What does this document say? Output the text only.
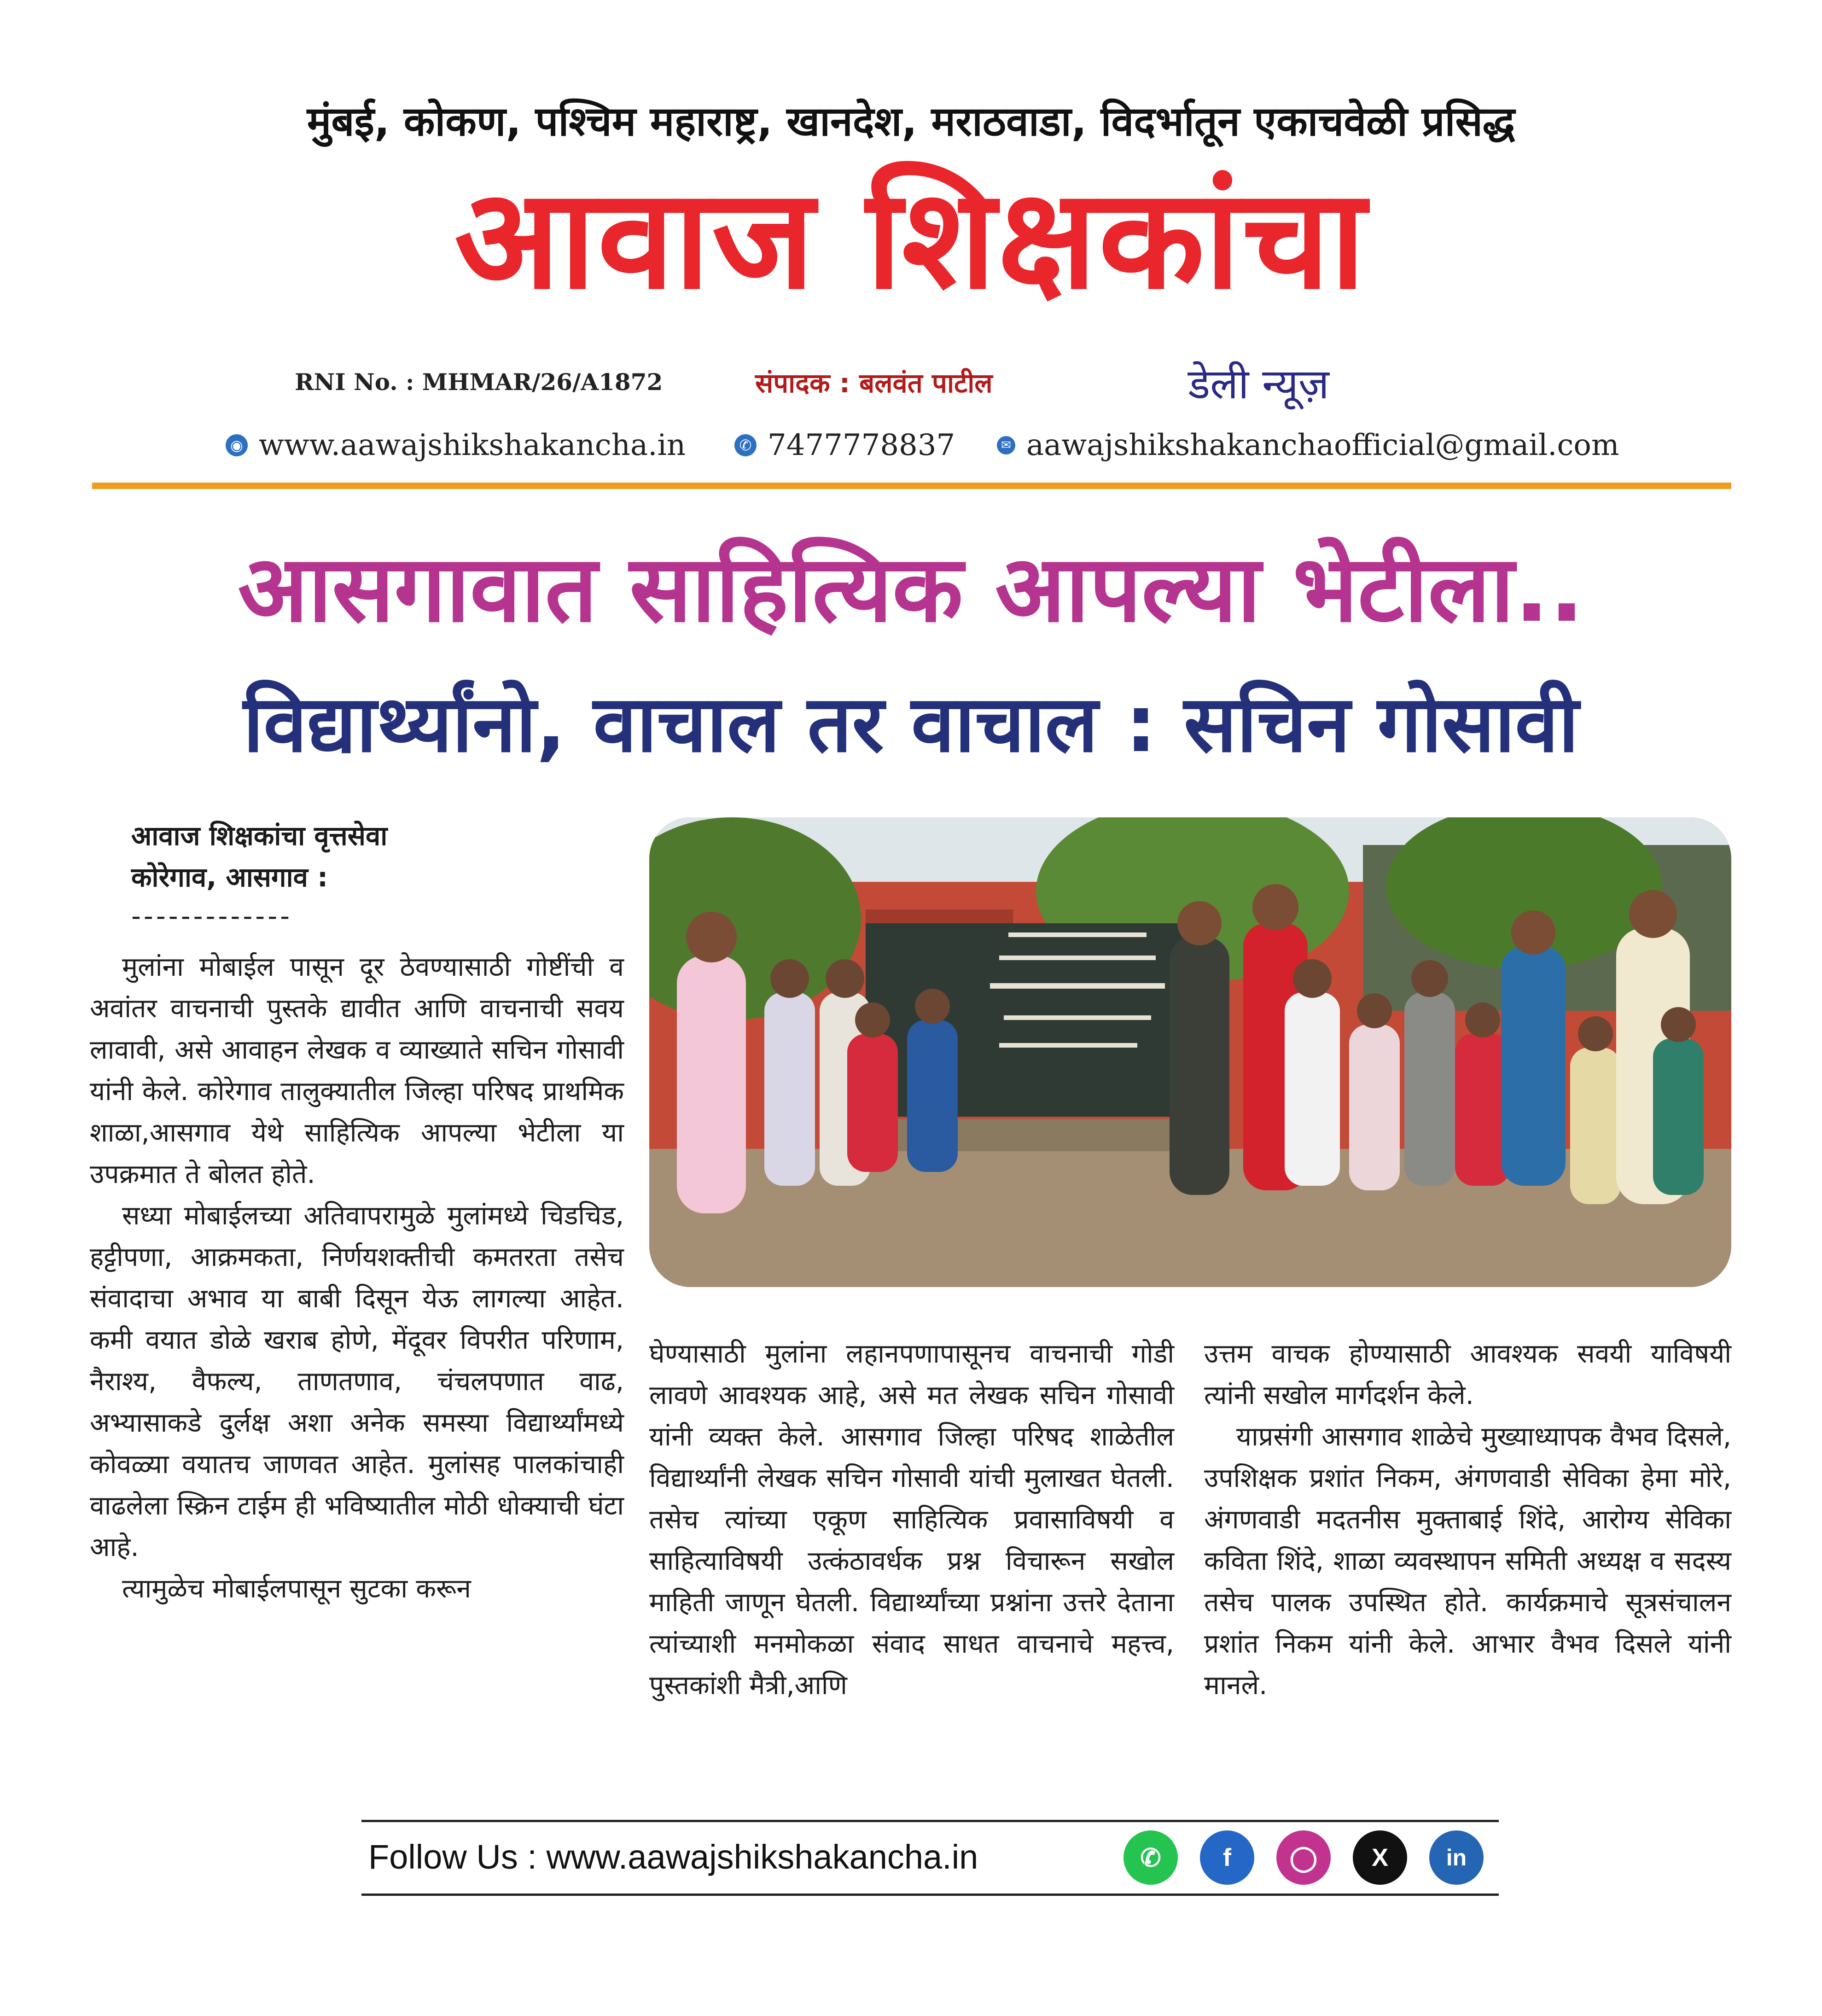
मुंबई, कोकण, पश्चिम महाराष्ट्र, खानदेश, मराठवाडा, विदर्भातून एकाचवेळी प्रसिद्ध
आवाज शिक्षकांचा
RNI No. : MHMAR/26/A1872	संपादक : बलवंत पाटील	डेली न्यूज़
◉ www.aawajshikshakancha.in	✆ 7477778837	✉ aawajshikshakanchaofficial@gmail.com
आसगावात साहित्यिक आपल्या भेटीला..
विद्यार्थ्यांनो, वाचाल तर वाचाल : सचिन गोसावी
आवाज शिक्षकांचा वृत्तसेवा
कोरेगाव, आसगाव :
-------------

मुलांना मोबाईल पासून दूर ठेवण्यासाठी गोष्टींची व अवांतर वाचनाची पुस्तके द्यावीत आणि वाचनाची सवय लावावी, असे आवाहन लेखक व व्याख्याते सचिन गोसावी यांनी केले. कोरेगाव तालुक्यातील जिल्हा परिषद प्राथमिक शाळा,आसगाव येथे साहित्यिक आपल्या भेटीला या उपक्रमात ते बोलत होते.

सध्या मोबाईलच्या अतिवापरामुळे मुलांमध्ये चिडचिड, हट्टीपणा, आक्रमकता, निर्णयशक्तीची कमतरता तसेच संवादाचा अभाव या बाबी दिसून येऊ लागल्या आहेत. कमी वयात डोळे खराब होणे, मेंदूवर विपरीत परिणाम, नैराश्य, वैफल्य, ताणतणाव, चंचलपणात वाढ, अभ्यासाकडे दुर्लक्ष अशा अनेक समस्या विद्यार्थ्यांमध्ये कोवळ्या वयातच जाणवत आहेत. मुलांसह पालकांचाही वाढलेला स्क्रिन टाईम ही भविष्यातील मोठी धोक्याची घंटा आहे.

त्यामुळेच मोबाईलपासून सुटका करून

घेण्यासाठी मुलांना लहानपणापासूनच वाचनाची गोडी लावणे आवश्यक आहे, असे मत लेखक सचिन गोसावी यांनी व्यक्त केले. आसगाव जिल्हा परिषद शाळेतील विद्यार्थ्यांनी लेखक सचिन गोसावी यांची मुलाखत घेतली. तसेच त्यांच्या एकूण साहित्यिक प्रवासाविषयी व साहित्याविषयी उत्कंठावर्धक प्रश्न विचारून सखोल माहिती जाणून घेतली. विद्यार्थ्यांच्या प्रश्नांना उत्तरे देताना त्यांच्याशी मनमोकळा संवाद साधत वाचनाचे महत्त्व, पुस्तकांशी मैत्री,आणि

उत्तम वाचक होण्यासाठी आवश्यक सवयी याविषयी त्यांनी सखोल मार्गदर्शन केले.

याप्रसंगी आसगाव शाळेचे मुख्याध्यापक वैभव दिसले, उपशिक्षक प्रशांत निकम, अंगणवाडी सेविका हेमा मोरे, अंगणवाडी मदतनीस मुक्ताबाई शिंदे, आरोग्य सेविका कविता शिंदे, शाळा व्यवस्थापन समिती अध्यक्ष व सदस्य तसेच पालक उपस्थित होते. कार्यक्रमाचे सूत्रसंचालन प्रशांत निकम यांनी केले. आभार वैभव दिसले यांनी मानले.

Follow Us : www.aawajshikshakancha.in	✆	f	◯	X	in
